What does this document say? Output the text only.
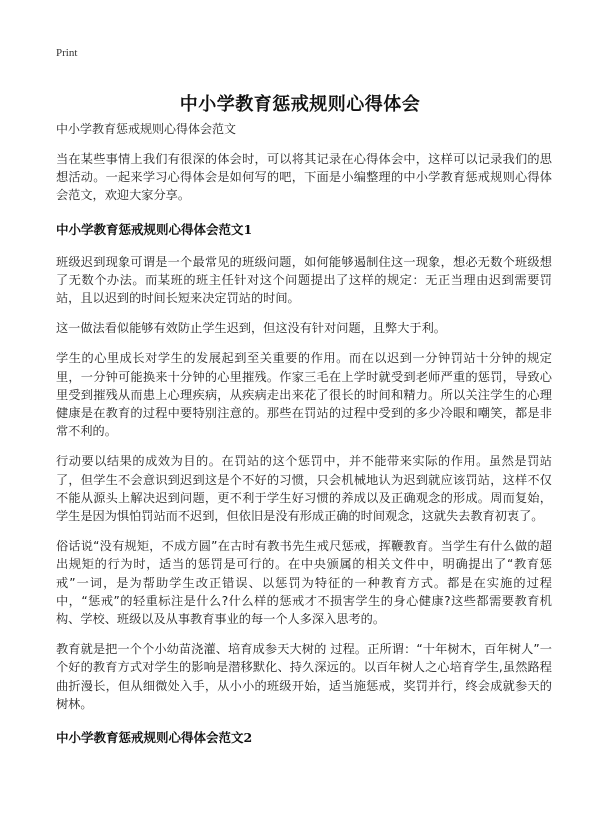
Print
中小学教育惩戒规则心得体会
中小学教育惩戒规则心得体会范文

当在某些事情上我们有很深的体会时，可以将其记录在心得体会中，这样可以记录我们的思想活动。一起来学习心得体会是如何写的吧，下面是小编整理的中小学教育惩戒规则心得体会范文，欢迎大家分享。

中小学教育惩戒规则心得体会范文1

班级迟到现象可谓是一个最常见的班级问题，如何能够遏制住这一现象，想必无数个班级想了无数个办法。而某班的班主任针对这个问题提出了这样的规定：无正当理由迟到需要罚站，且以迟到的时间长短来决定罚站的时间。

这一做法看似能够有效防止学生迟到，但这没有针对问题，且弊大于利。

学生的心里成长对学生的发展起到至关重要的作用。而在以迟到一分钟罚站十分钟的规定里，一分钟可能换来十分钟的心里摧残。作家三毛在上学时就受到老师严重的惩罚，导致心里受到摧残从而患上心理疾病，从疾病走出来花了很长的时间和精力。所以关注学生的心理健康是在教育的过程中要特别注意的。那些在罚站的过程中受到的多少冷眼和嘲笑，都是非常不利的。

行动要以结果的成效为目的。在罚站的这个惩罚中，并不能带来实际的作用。虽然是罚站了，但学生不会意识到迟到这是个不好的习惯，只会机械地认为迟到就应该罚站，这样不仅不能从源头上解决迟到问题，更不利于学生好习惯的养成以及正确观念的形成。周而复始，学生是因为惧怕罚站而不迟到，但依旧是没有形成正确的时间观念，这就失去教育初衷了。

俗话说“没有规矩，不成方圆”在古时有教书先生戒尺惩戒，挥鞭教育。当学生有什么做的超出规矩的行为时，适当的惩罚是可行的。在中央颁属的相关文件中，明确提出了“教育惩戒”一词，是为帮助学生改正错误、以惩罚为特征的一种教育方式。都是在实施的过程中，“惩戒”的轻重标注是什么?什么样的惩戒才不损害学生的身心健康?这些都需要教育机构、学校、班级以及从事教育事业的每一个人多深入思考的。

教育就是把一个个小幼苗浇灌、培育成参天大树的 过程。正所谓：“十年树木，百年树人”一个好的教育方式对学生的影响是潜移默化、持久深远的。以百年树人之心培育学生,虽然路程曲折漫长，但从细微处入手，从小小的班级开始，适当施惩戒，奖罚并行，终会成就参天的树林。

中小学教育惩戒规则心得体会范文2
